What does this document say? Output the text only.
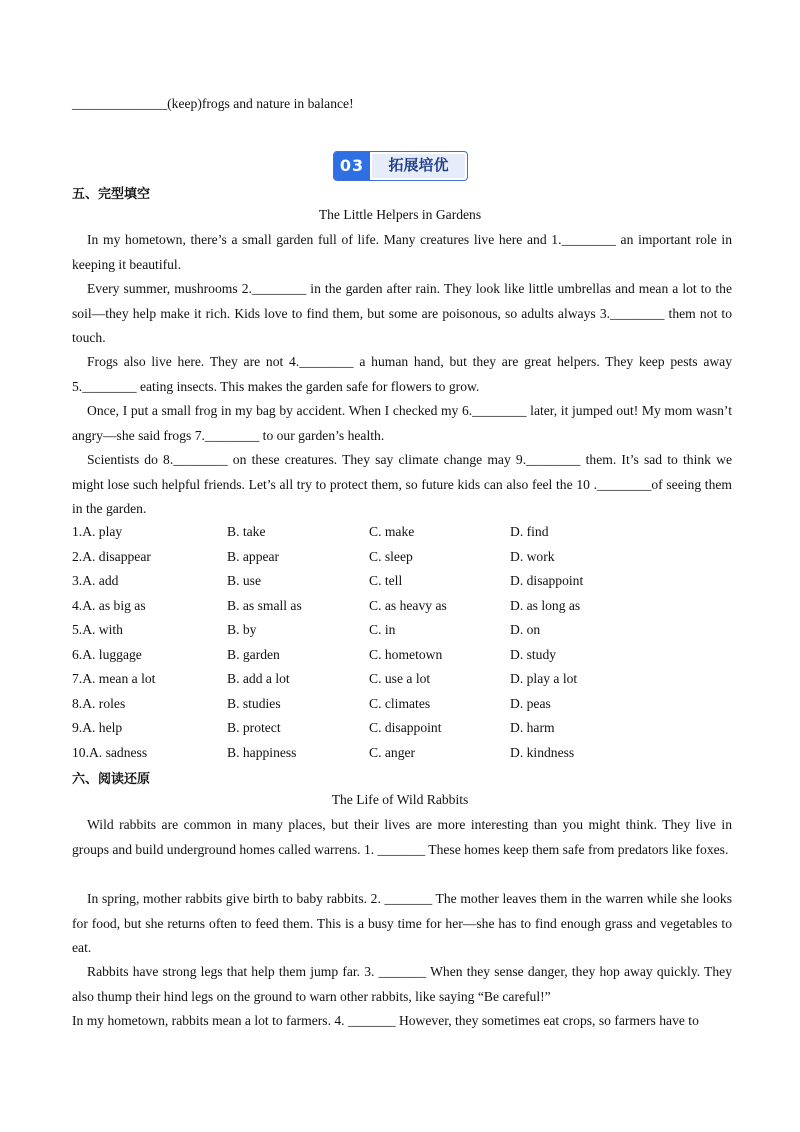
______________(keep)frogs and nature in balance!
03	拓展培优
五、完型填空
The Little Helpers in Gardens

In my hometown, there’s a small garden full of life. Many creatures live here and 1.________ an important role in keeping it beautiful.

Every summer, mushrooms 2.________ in the garden after rain. They look like little umbrellas and mean a lot to the soil—they help make it rich. Kids love to find them, but some are poisonous, so adults always 3.________ them not to touch.

Frogs also live here. They are not 4.________ a human hand, but they are great helpers. They keep pests away 5.________ eating insects. This makes the garden safe for flowers to grow.

Once, I put a small frog in my bag by accident. When I checked my 6.________ later, it jumped out! My mom wasn’t angry—she said frogs 7.________ to our garden’s health.

Scientists do 8.________ on these creatures. They say climate change may 9.________ them. It’s sad to think we might lose such helpful friends. Let’s all try to protect them, so future kids can also feel the 10 .________of seeing them in the garden.

1.A. play	B. take	C. make	D. find
2.A. disappear	B. appear	C. sleep	D. work
3.A. add	B. use	C. tell	D. disappoint
4.A. as big as	B. as small as	C. as heavy as	D. as long as
5.A. with	B. by	C. in	D. on
6.A. luggage	B. garden	C. hometown	D. study
7.A. mean a lot	B. add a lot	C. use a lot	D. play a lot
8.A. roles	B. studies	C. climates	D. peas
9.A. help	B. protect	C. disappoint	D. harm
10.A. sadness	B. happiness	C. anger	D. kindness
六、阅读还原
The Life of Wild Rabbits

Wild rabbits are common in many places, but their lives are more interesting than you might think. They live in groups and build underground homes called warrens. 1. _______ These homes keep them safe from predators like foxes.

In spring, mother rabbits give birth to baby rabbits. 2. _______ The mother leaves them in the warren while she looks for food, but she returns often to feed them. This is a busy time for her—she has to find enough grass and vegetables to eat.

Rabbits have strong legs that help them jump far. 3. _______ When they sense danger, they hop away quickly. They also thump their hind legs on the ground to warn other rabbits, like saying “Be careful!”

In my hometown, rabbits mean a lot to farmers. 4. _______ However, they sometimes eat crops, so farmers have to
